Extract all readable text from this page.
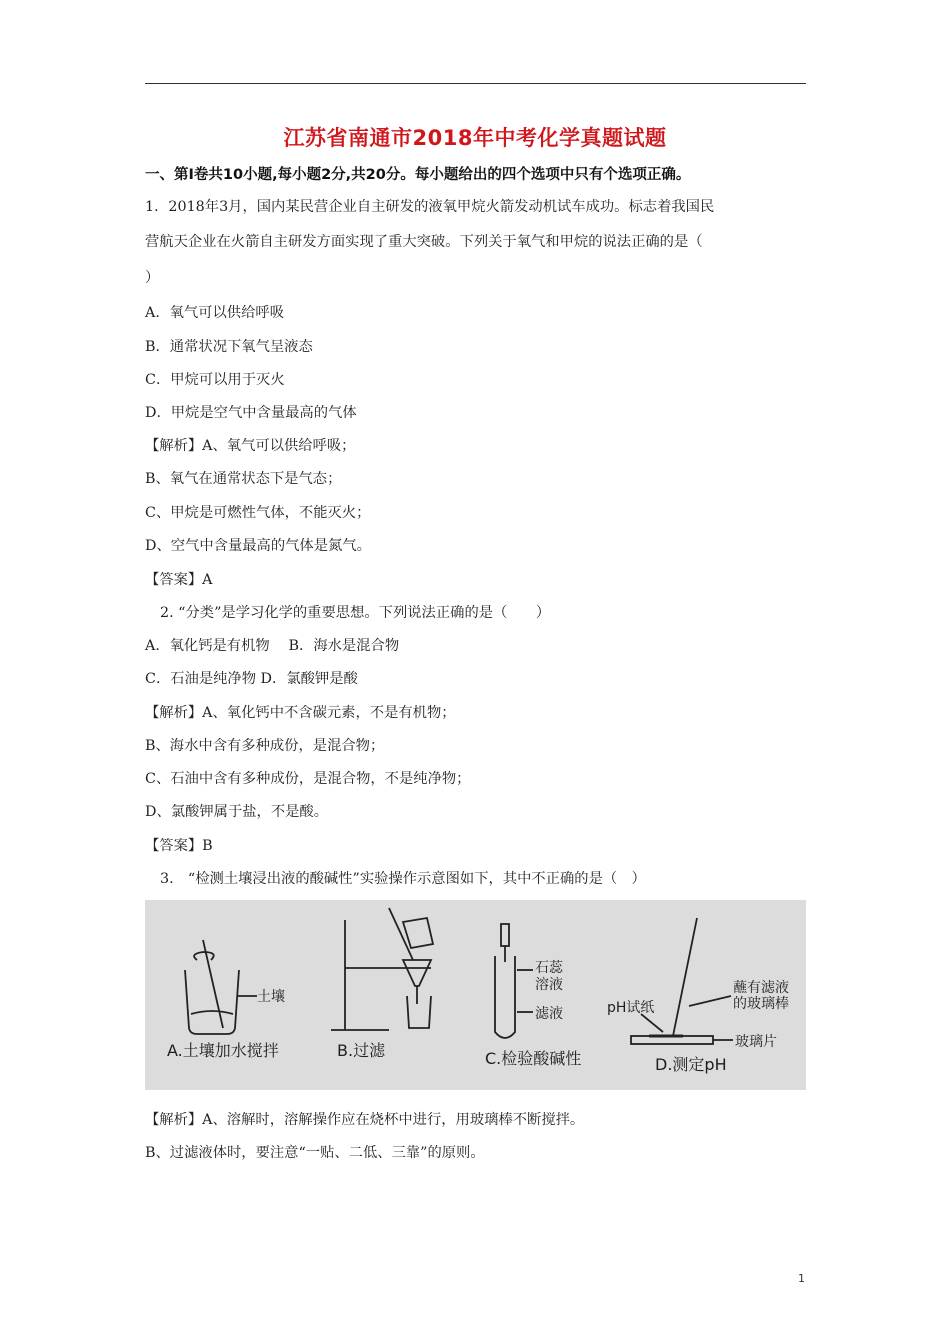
江苏省南通市2018年中考化学真题试题
一、第Ⅰ卷共10小题,每小题2分,共20分。每小题给出的四个选项中只有个选项正确。
1．2018年3月，国内某民营企业自主研发的液氧甲烷火箭发动机试车成功。标志着我国民
营航天企业在火箭自主研发方面实现了重大突破。下列关于氧气和甲烷的说法正确的是（
）
A．氧气可以供给呼吸
B．通常状况下氧气呈液态
C．甲烷可以用于灭火
D．甲烷是空气中含量最高的气体
【解析】A、氧气可以供给呼吸；
B、氧气在通常状态下是气态；
C、甲烷是可燃性气体，不能灭火；
D、空气中含量最高的气体是氮气。
【答案】A
2. “分类”是学习化学的重要思想。下列说法正确的是（　　）
A．氧化钙是有机物　 B．海水是混合物
C．石油是纯净物 D．氯酸钾是酸
【解析】A、氧化钙中不含碳元素，不是有机物；
B、海水中含有多种成份，是混合物；
C、石油中含有多种成份，是混合物，不是纯净物；
D、氯酸钾属于盐，不是酸。
【答案】B
3.　“检测土壤浸出液的酸碱性”实验操作示意图如下，其中不正确的是（　）
土壤
A.土壤加水搅拌	B.过滤
石蕊
溶液
滤液
C.检验酸碱性
pH试纸
蘸有滤液
的玻璃棒
玻璃片
D.测定pH
【解析】A、溶解时，溶解操作应在烧杯中进行，用玻璃棒不断搅拌。
B、过滤液体时，要注意“一贴、二低、三靠”的原则。
1
